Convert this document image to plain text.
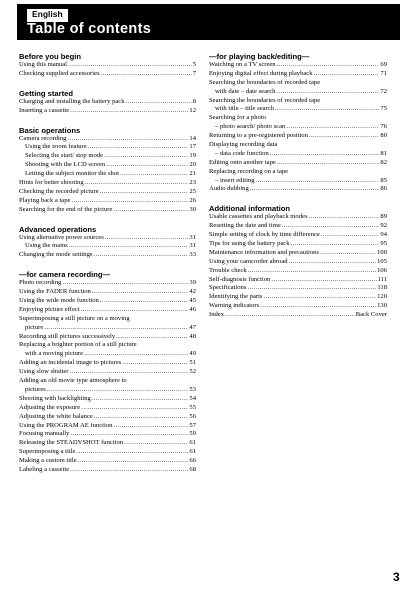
English
Table of contents
Before you begin
Using this manual .....	5
Checking supplied accessories .....	7
Getting started
Charging and installing the battery pack .....	8
Inserting a cassette .....	12
Basic operations
Camera recording .....	14
Using the zoom feature .....	17
Selecting the start/ stop mode .....	19
Shooting with the LCD screen .....	20
Letting the subject monitor the shot .....	21
Hints for better shooting .....	23
Checking the recorded picture .....	25
Playing back a tape .....	26
Searching for the end of the picture .....	30
Advanced operations
Using alternative power sources .....	31
Using the mains .....	31
Changing the mode settings .....	33
—for camera recording—
Photo recording .....	39
Using the FADER function .....	42
Using the wide mode function .....	45
Enjoying picture effect .....	46
Superimposing a still picture on a moving
picture .....	47
Recording still pictures successively .....	48
Replacing a brighter portion of a still picture
with a moving picture .....	49
Adding an incidental image to pictures .....	51
Using slow shutter .....	52
Adding an old movie type atmosphere to
pictures .....	53
Shooting with backlighting .....	54
Adjusting the exposure .....	55
Adjusting the white balance .....	56
Using the PROGRAM AE function .....	57
Focusing manually .....	59
Releasing the STEADYSHOT function .....	61
Superimposing a title .....	61
Making a custom title .....	66
Labeling a cassette .....	68
—for playing back/editing—
Watching on a TV screen .....	69
Enjoying digital effect during playback .....	71
Searching the boundaries of recorded tape
with date – date search .....	72
Searching the boundaries of recorded tape
with title – title search .....	75
Searching for a photo
– photo search/ photo scan .....	76
Returning to a pre-registered position .....	80
Displaying recording data
– data code function .....	81
Editing onto another tape .....	82
Replacing recording on a tape
– insert editing .....	85
Audio dubbing .....	86
Additional information
Usable cassettes and playback modes .....	89
Resetting the date and time .....	92
Simple setting of clock by time difference .....	94
Tips for using the battery pack .....	95
Maintenance information and precautions .....	100
Using your camcorder abroad .....	105
Trouble check .....	106
Self-diagnosis function .....	111
Specifications .....	118
Identifying the parts .....	120
Warning indicators .....	130
Index .....	Back Cover
3
